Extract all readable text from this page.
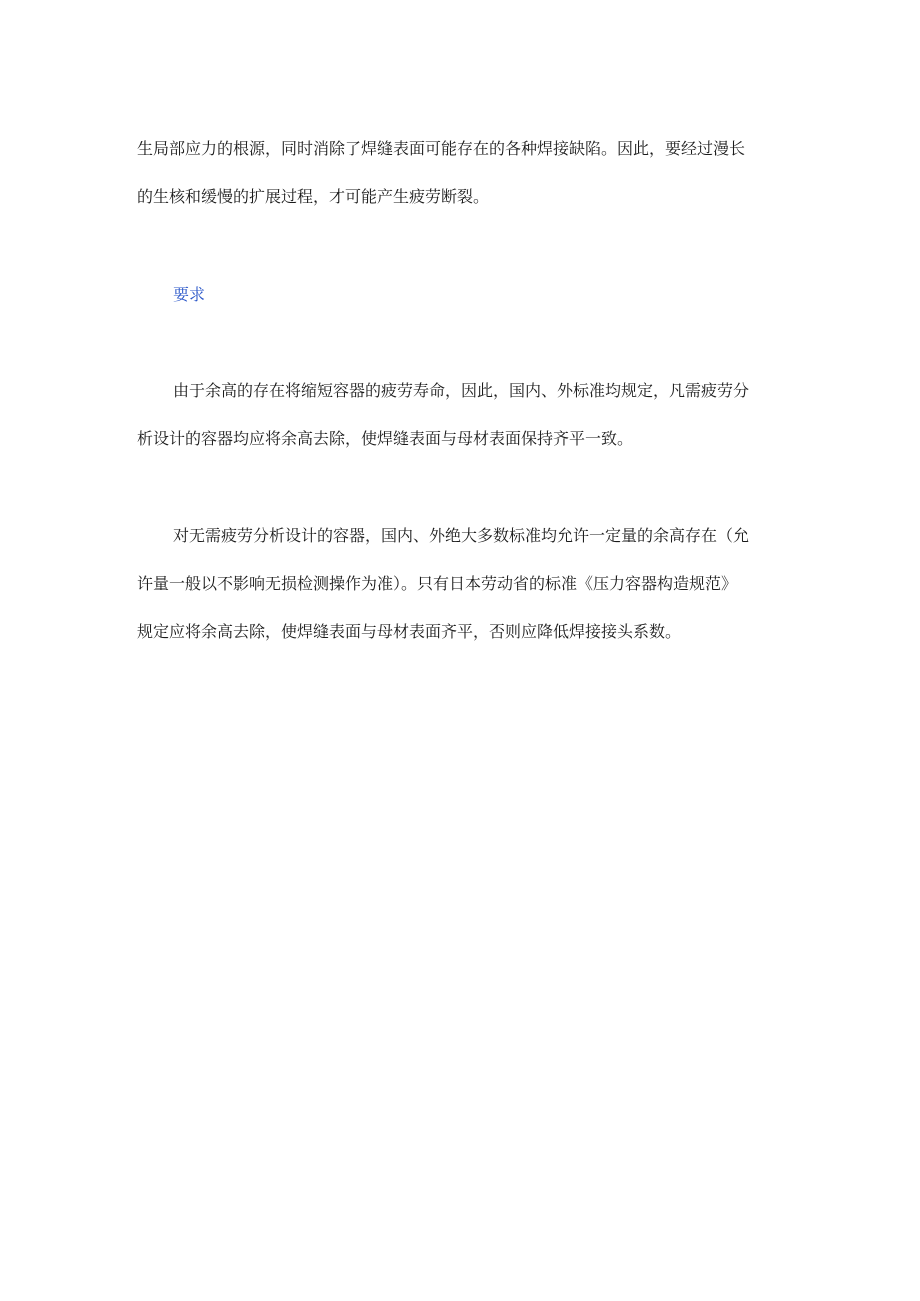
生局部应力的根源，同时消除了焊缝表面可能存在的各种焊接缺陷。因此，要经过漫长
的生核和缓慢的扩展过程，才可能产生疲劳断裂。

要求

由于余高的存在将缩短容器的疲劳寿命，因此，国内、外标准均规定，凡需疲劳分
析设计的容器均应将余高去除，使焊缝表面与母材表面保持齐平一致。

对无需疲劳分析设计的容器，国内、外绝大多数标准均允许一定量的余高存在（允
许量一般以不影响无损检测操作为准）。只有日本劳动省的标准《压力容器构造规范》
规定应将余高去除，使焊缝表面与母材表面齐平，否则应降低焊接接头系数。
